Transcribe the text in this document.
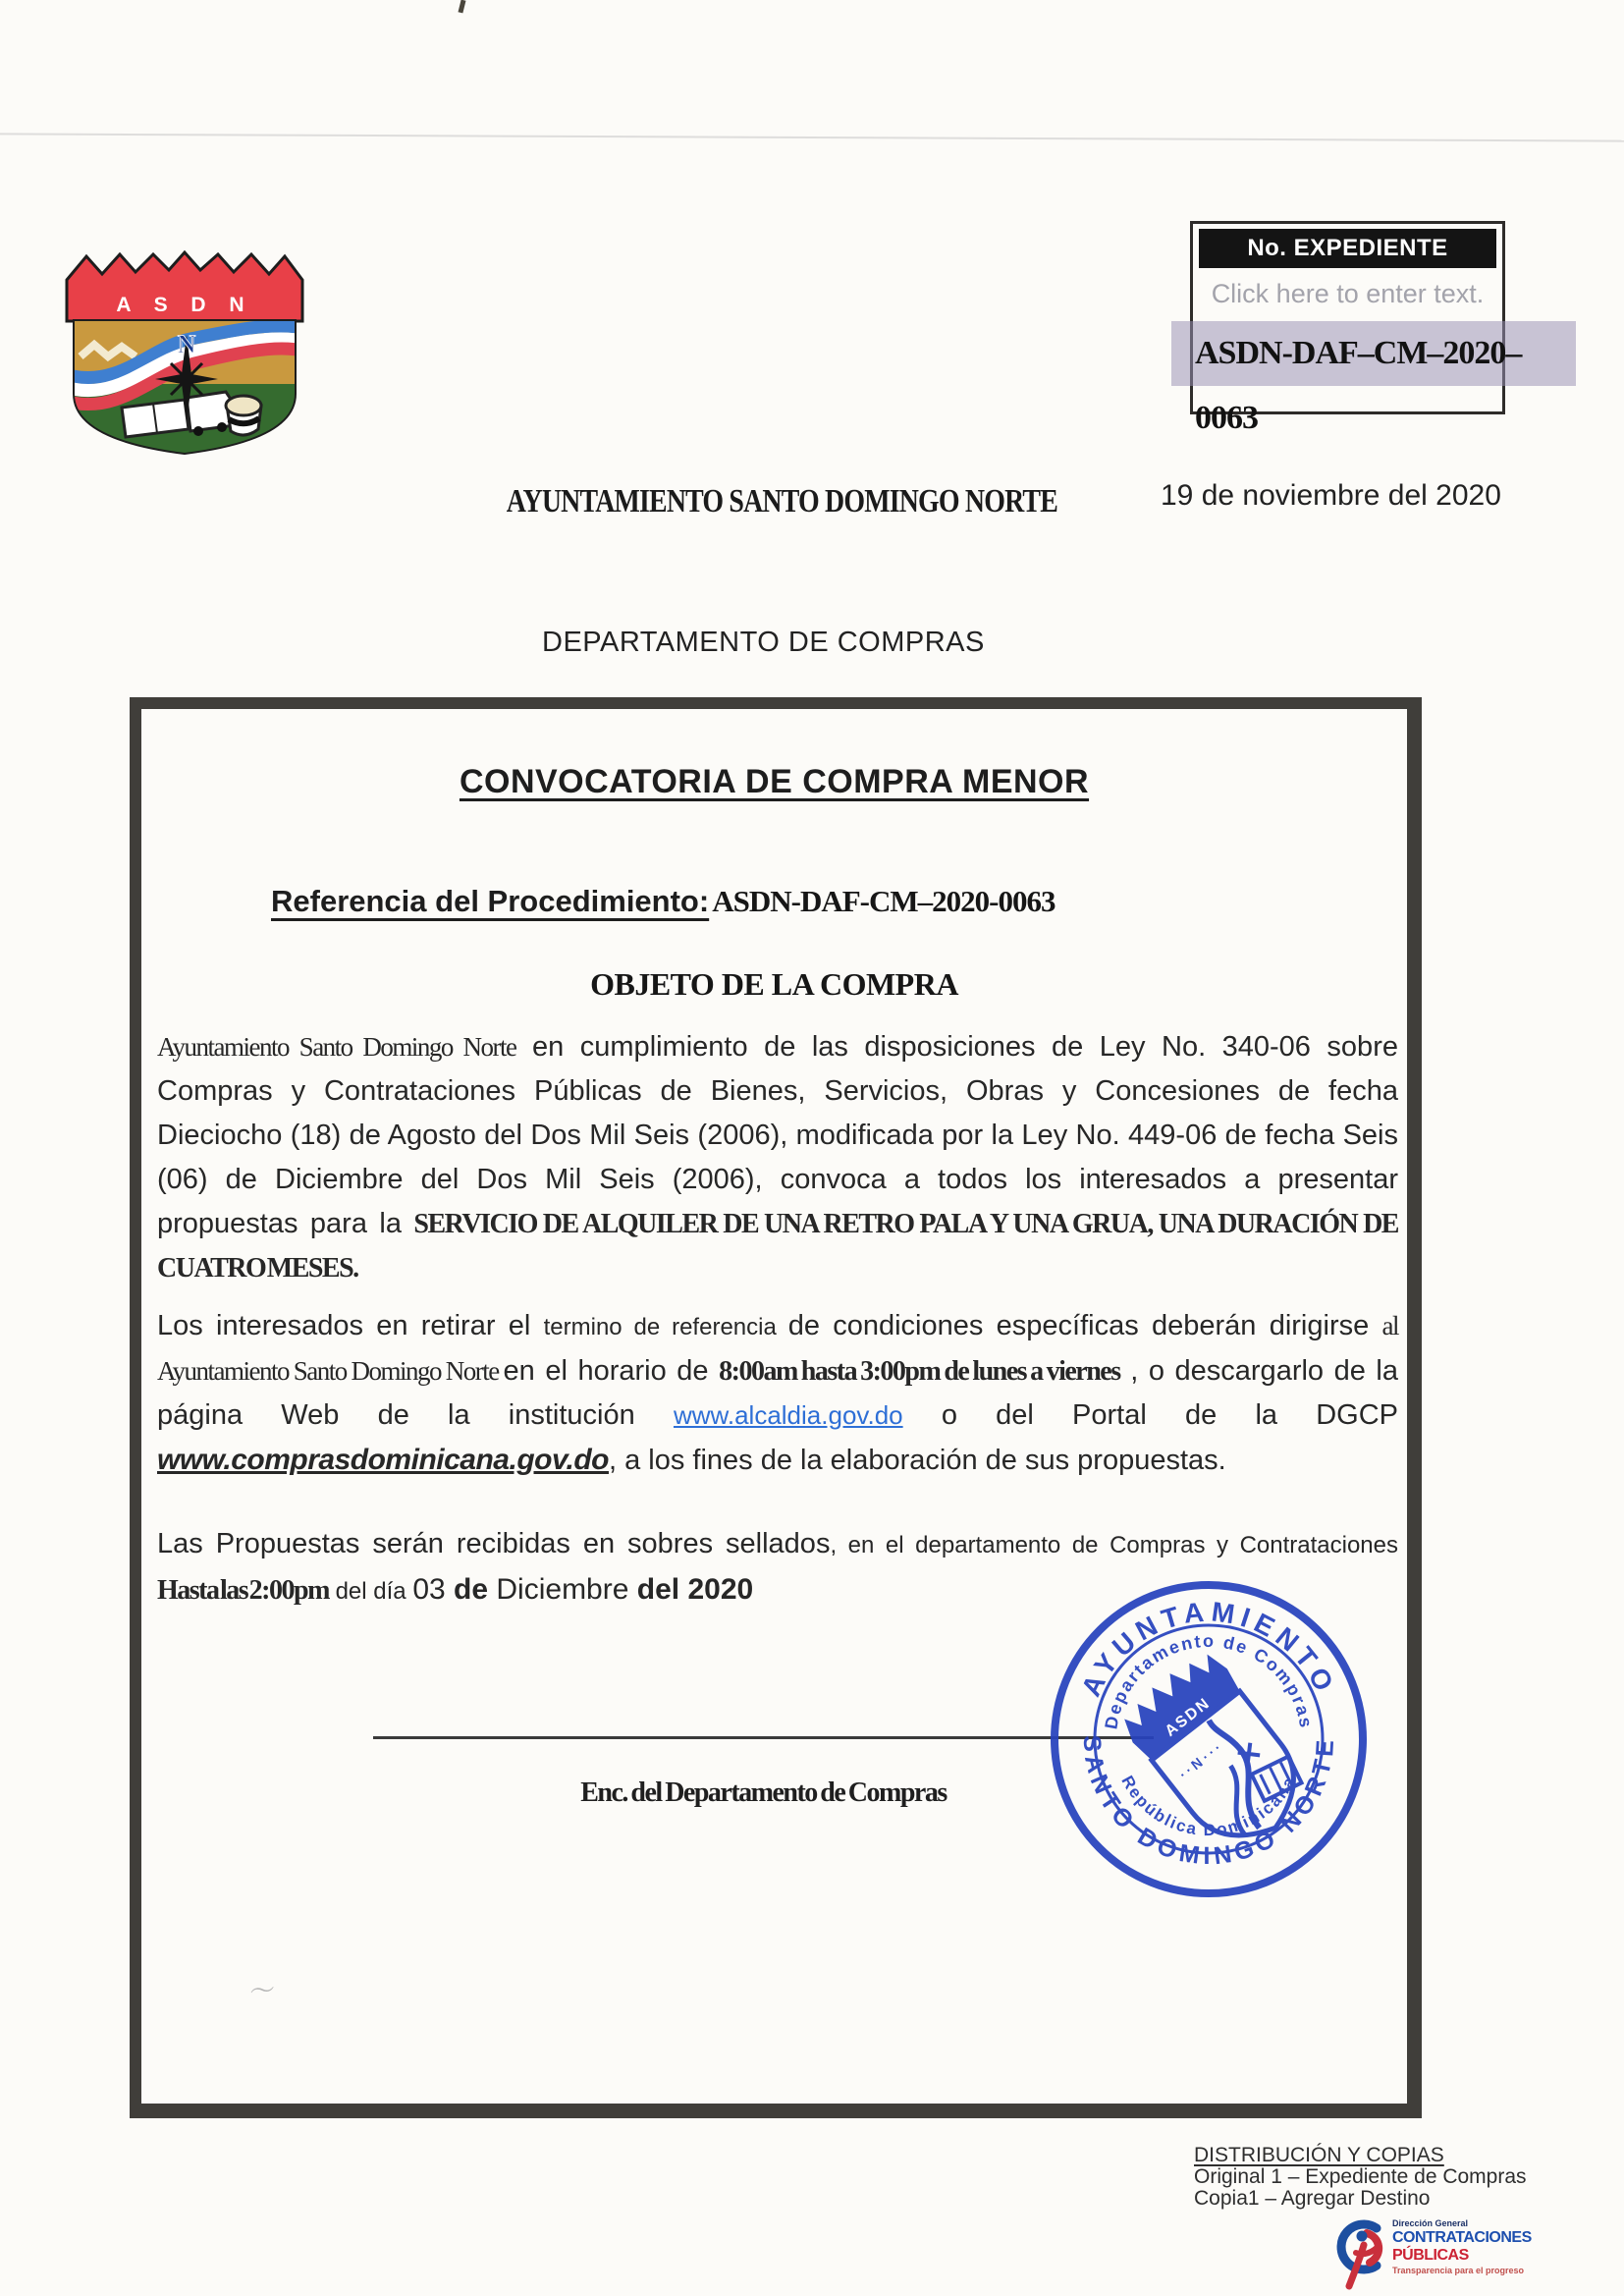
A S D N
N
No. EXPEDIENTE
Click here to enter text.
ASDN-DAF–CM–2020–0063
AYUNTAMIENTO SANTO DOMINGO NORTE	19 de noviembre del 2020
DEPARTAMENTO DE COMPRAS
CONVOCATORIA DE COMPRA MENOR
Referencia del Procedimiento: ASDN-DAF-CM–2020-0063
OBJETO DE LA COMPRA
Ayuntamiento Santo Domingo Norte en cumplimiento de las disposiciones de Ley No. 340-06 sobre Compras y Contrataciones Públicas de Bienes, Servicios, Obras y Concesiones de fecha Dieciocho (18) de Agosto del Dos Mil Seis (2006), modificada por la Ley No. 449-06 de fecha Seis (06) de Diciembre del Dos Mil Seis (2006), convoca a todos los interesados a presentar propuestas para la SERVICIO DE ALQUILER DE UNA RETRO PALA Y UNA GRUA, UNA DURACIÓN DE CUATRO MESES.
Los interesados en retirar el termino de referencia de condiciones específicas deberán dirigirse al Ayuntamiento Santo Domingo Norte en el horario de 8:00am hasta 3:00pm de lunes a viernes , o descargarlo de la página Web de la institución www.alcaldia.gov.do o del Portal de la DGCP www.comprasdominicana.gov.do, a los fines de la elaboración de sus propuestas.
Las Propuestas serán recibidas en sobres sellados, en el departamento de Compras y Contrataciones Hasta las 2:00pm del día 03 de Diciembre del 2020
〜
Enc. del Departamento de Compras
AYUNTAMIENTO
SANTO DOMINGO NORTE
Departamento de Compras
República Dominicana
ASDN
∙ ∙ N ∙ ∙ ∙
DISTRIBUCIÓN Y COPIAS
Original 1 – Expediente de Compras
Copia1 – Agregar Destino
Dirección General
CONTRATACIONES
PÚBLICAS
Transparencia para el progreso
